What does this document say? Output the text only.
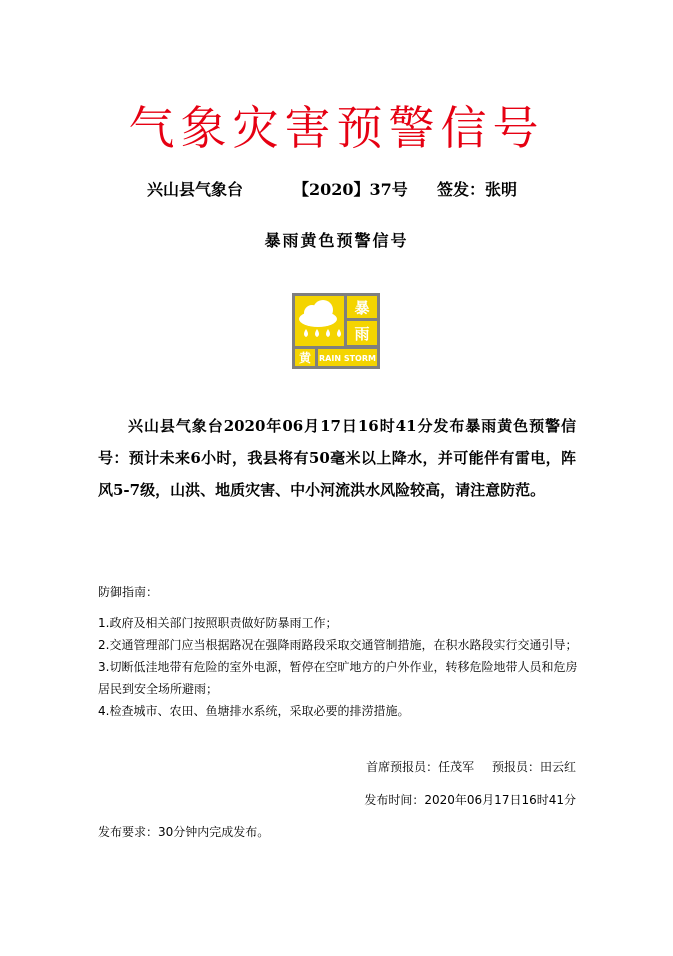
气象灾害预警信号
兴山县气象台	【2020】37号 签发：张明
暴雨黄色预警信号
暴
雨
黄 RAIN STORM
兴山县气象台2020年06月17日16时41分发布暴雨黄色预警信号：预计未来6小时，我县将有50毫米以上降水，并可能伴有雷电，阵风5-7级，山洪、地质灾害、中小河流洪水风险较高，请注意防范。
防御指南：
1.政府及相关部门按照职责做好防暴雨工作；
2.交通管理部门应当根据路况在强降雨路段采取交通管制措施，在积水路段实行交通引导；
3.切断低洼地带有危险的室外电源，暂停在空旷地方的户外作业，转移危险地带人员和危房居民到安全场所避雨；
4.检查城市、农田、鱼塘排水系统，采取必要的排涝措施。
首席预报员：任茂军 预报员：田云红
发布时间：2020年06月17日16时41分
发布要求：30分钟内完成发布。
